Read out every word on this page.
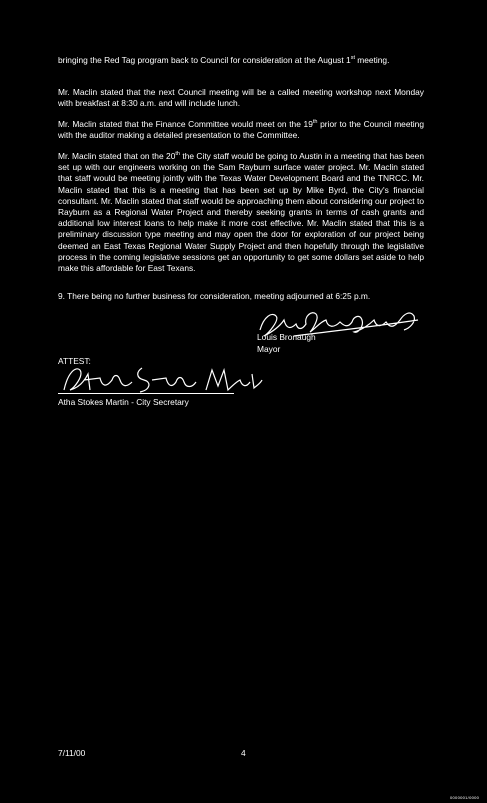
bringing the Red Tag program back to Council for consideration at the August 1st meeting.

Mr. Maclin stated that the next Council meeting will be a called meeting workshop next Monday with breakfast at 8:30 a.m. and will include lunch.

Mr. Maclin stated that the Finance Committee would meet on the 19th prior to the Council meeting with the auditor making a detailed presentation to the Committee.

Mr. Maclin stated that on the 20th the City staff would be going to Austin in a meeting that has been set up with our engineers working on the Sam Rayburn surface water project. Mr. Maclin stated that staff would be meeting jointly with the Texas Water Development Board and the TNRCC. Mr. Maclin stated that this is a meeting that has been set up by Mike Byrd, the City's financial consultant. Mr. Maclin stated that staff would be approaching them about considering our project to Rayburn as a Regional Water Project and thereby seeking grants in terms of cash grants and additional low interest loans to help make it more cost effective. Mr. Maclin stated that this is a preliminary discussion type meeting and may open the door for exploration of our project being deemed an East Texas Regional Water Supply Project and then hopefully through the legislative process in the coming legislative sessions get an opportunity to get some dollars set aside to help make this affordable for East Texans.

9. There being no further business for consideration, meeting adjourned at 6:25 p.m.

Louis Bronaugh
Mayor
ATTEST:
Atha Stokes Martin - City Secretary
7/11/00	4
0000001/0000
